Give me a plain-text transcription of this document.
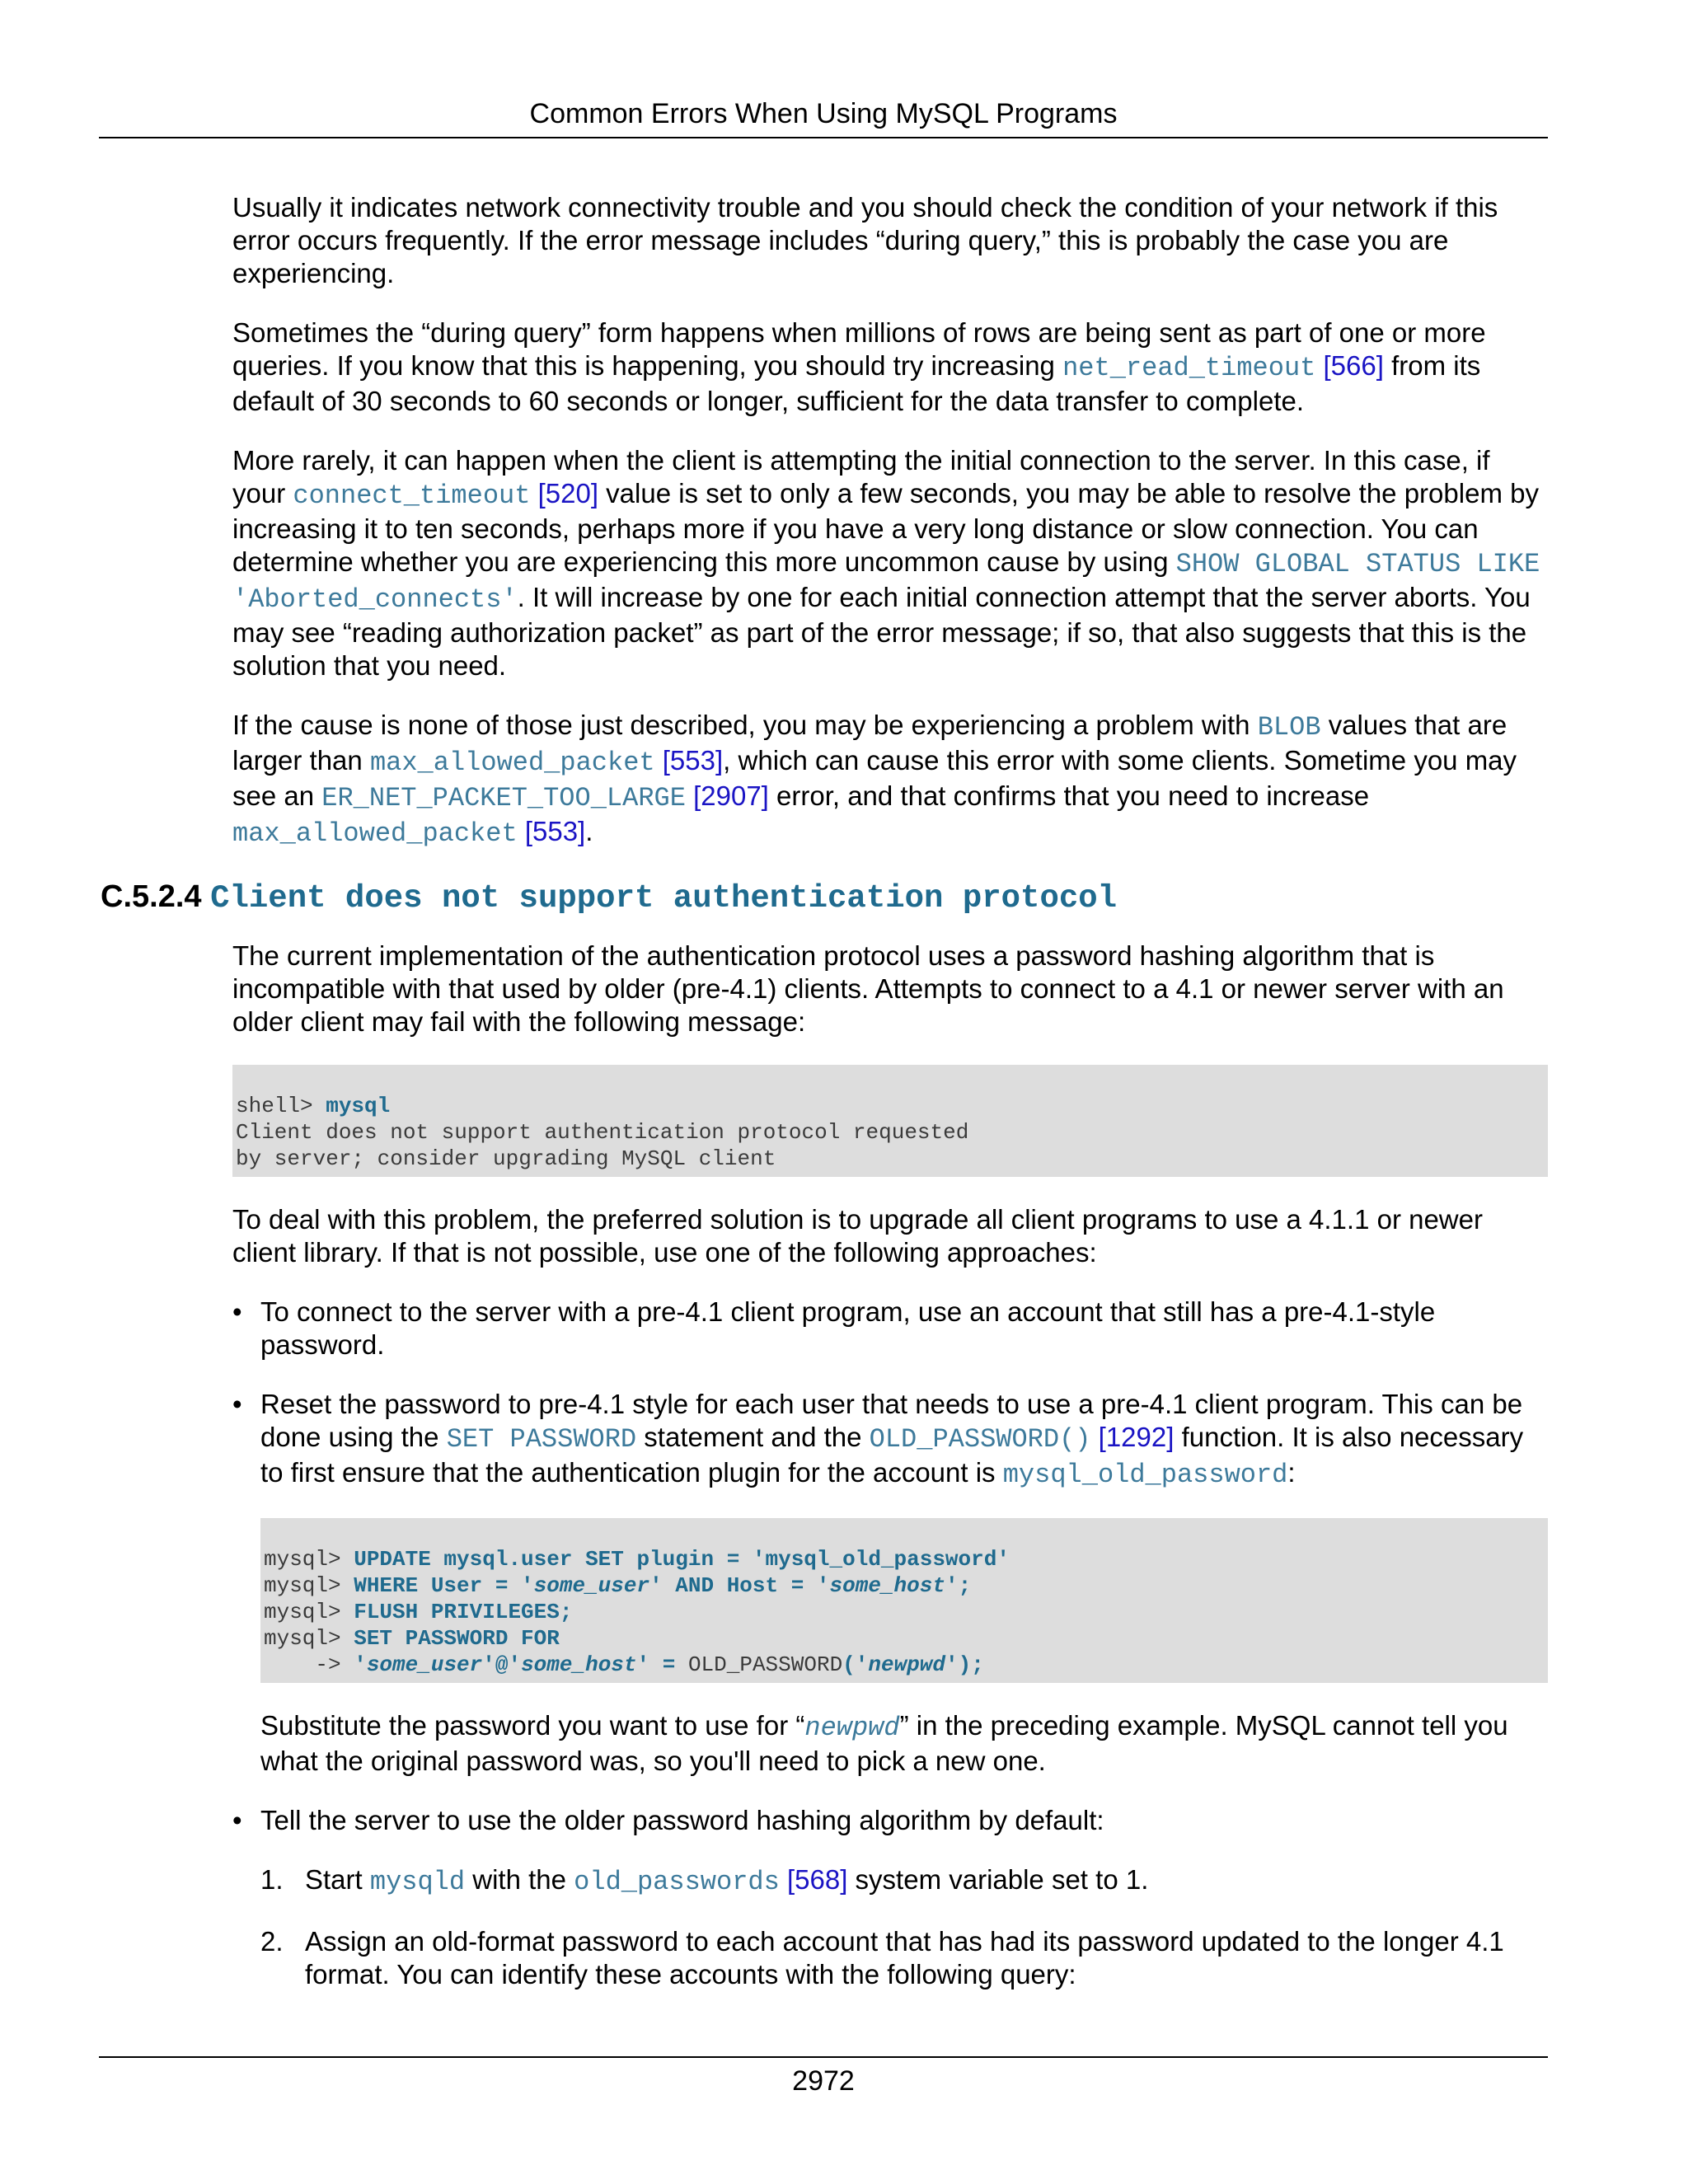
Common Errors When Using MySQL Programs

Usually it indicates network connectivity trouble and you should check the condition of your network if this error occurs frequently. If the error message includes “during query,” this is probably the case you are experiencing.

Sometimes the “during query” form happens when millions of rows are being sent as part of one or more queries. If you know that this is happening, you should try increasing net_read_timeout [566] from its default of 30 seconds to 60 seconds or longer, sufficient for the data transfer to complete.

More rarely, it can happen when the client is attempting the initial connection to the server. In this case, if your connect_timeout [520] value is set to only a few seconds, you may be able to resolve the problem by increasing it to ten seconds, perhaps more if you have a very long distance or slow connection. You can determine whether you are experiencing this more uncommon cause by using SHOW GLOBAL STATUS LIKE 'Aborted_connects'. It will increase by one for each initial connection attempt that the server aborts. You may see “reading authorization packet” as part of the error message; if so, that also suggests that this is the solution that you need.

If the cause is none of those just described, you may be experiencing a problem with BLOB values that are larger than max_allowed_packet [553], which can cause this error with some clients. Sometime you may see an ER_NET_PACKET_TOO_LARGE [2907] error, and that confirms that you need to increase max_allowed_packet [553].

C.5.2.4 Client does not support authentication protocol

The current implementation of the authentication protocol uses a password hashing algorithm that is incompatible with that used by older (pre-4.1) clients. Attempts to connect to a 4.1 or newer server with an older client may fail with the following message:

shell> mysql
Client does not support authentication protocol requested
by server; consider upgrading MySQL client

To deal with this problem, the preferred solution is to upgrade all client programs to use a 4.1.1 or newer client library. If that is not possible, use one of the following approaches:

• To connect to the server with a pre-4.1 client program, use an account that still has a pre-4.1-style password.

• Reset the password to pre-4.1 style for each user that needs to use a pre-4.1 client program. This can be done using the SET PASSWORD statement and the OLD_PASSWORD() [1292] function. It is also necessary to first ensure that the authentication plugin for the account is mysql_old_password:

mysql> UPDATE mysql.user SET plugin = 'mysql_old_password'
mysql> WHERE User = 'some_user' AND Host = 'some_host';
mysql> FLUSH PRIVILEGES;
mysql> SET PASSWORD FOR
-> 'some_user'@'some_host' = OLD_PASSWORD('newpwd');

Substitute the password you want to use for “newpwd” in the preceding example. MySQL cannot tell you what the original password was, so you'll need to pick a new one.

• Tell the server to use the older password hashing algorithm by default:

1. Start mysqld with the old_passwords [568] system variable set to 1.

2. Assign an old-format password to each account that has had its password updated to the longer 4.1 format. You can identify these accounts with the following query:

2972
